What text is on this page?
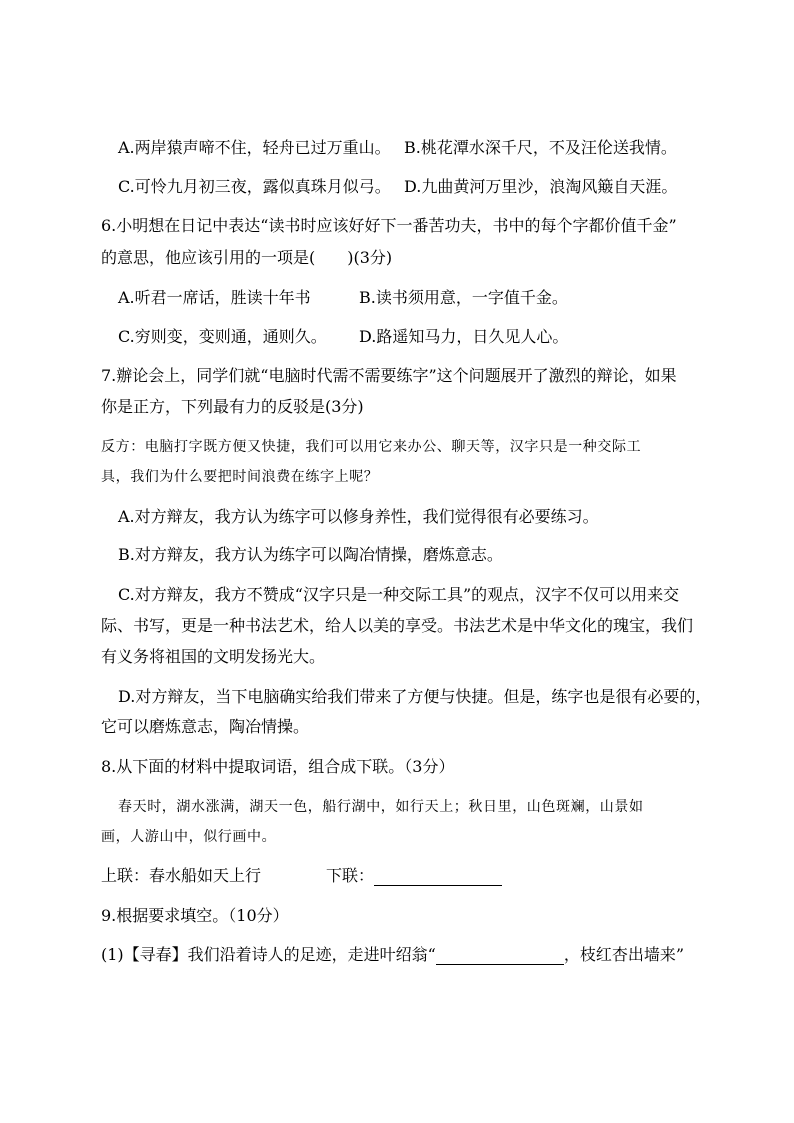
A.两岸猿声啼不住，轻舟已过万重山。 B.桃花潭水深千尺，不及汪伦送我情。

C.可怜九月初三夜，露似真珠月似弓。 D.九曲黄河万里沙，浪淘风簸自天涯。

6.小明想在日记中表达“读书时应该好好下一番苦功夫，书中的每个字都价值千金”

的意思，他应该引用的一项是(　　)(3分)

A.听君一席话，胜读十年书	B.读书须用意，一字值千金。

C.穷则变，变则通，通则久。 D.路遥知马力，日久见人心。

7.辦论会上，同学们就“电脑时代需不需要练字”这个问题展开了激烈的辩论，如果

你是正方，下列最有力的反驳是(3分)

反方：电脑打字既方便又快捷，我们可以用它来办公、聊天等，汉字只是一种交际工

具，我们为什么要把时间浪费在练字上呢？

A.对方辩友，我方认为练字可以修身养性，我们觉得很有必要练习。

B.对方辩友，我方认为练字可以陶冶情操，磨炼意志。

C.对方辩友，我方不赞成“汉字只是一种交际工具”的观点，汉字不仅可以用来交

际、书写，更是一种书法艺术，给人以美的享受。书法艺术是中华文化的瑰宝，我们

有义务将祖国的文明发扬光大。

D.对方辩友，当下电脑确实给我们带来了方便与快捷。但是，练字也是很有必要的，

它可以磨炼意志，陶冶情操。

8.从下面的材料中提取词语，组合成下联。（3分）

春天时，湖水涨满，湖天一色，船行湖中，如行天上；秋日里，山色斑斓，山景如

画，人游山中，似行画中。

上联：春水船如天上行	下联：

9.根据要求填空。（10分）

(1)【寻春】我们沿着诗人的足迹，走进叶绍翁“	，枝红杏出墙来”
